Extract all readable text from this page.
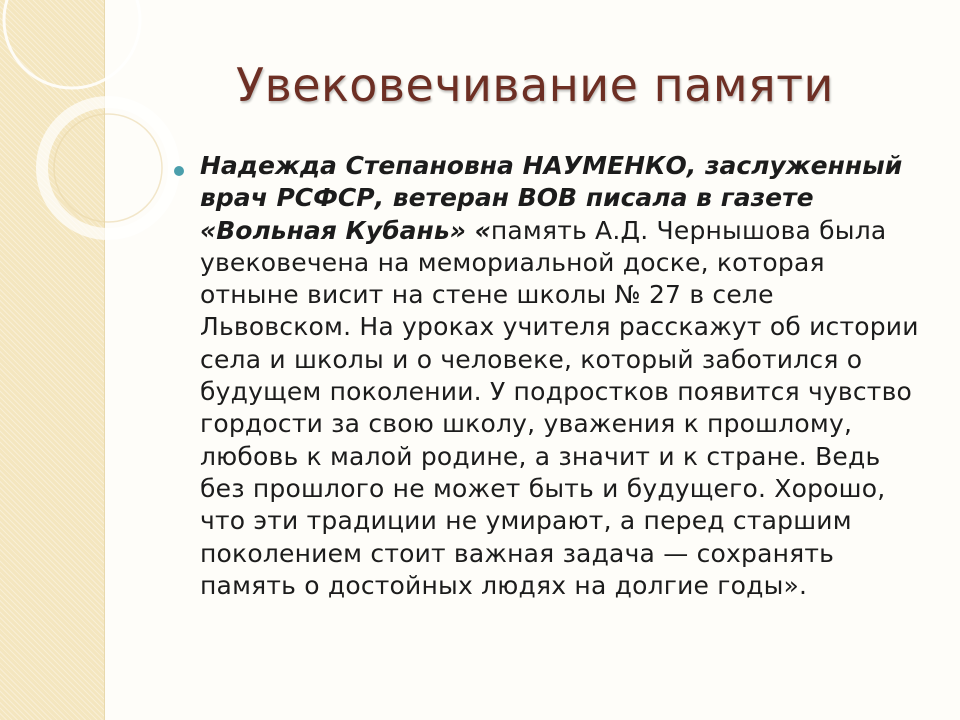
Увековечивание памяти

Надежда Степановна НАУМЕНКО, заслуженный врач РСФСР, ветеран ВОВ писала в газете «Вольная Кубань» «память А.Д. Чернышова была увековечена на мемориальной доске, которая отныне висит на стене школы № 27 в селе Львовском. На уроках учителя расскажут об истории села и школы и о человеке, который заботился о будущем поколении. У подростков появится чувство гордости за свою школу, уважения к прошлому, любовь к малой родине, а значит и к стране. Ведь без прошлого не может быть и будущего. Хорошо, что эти традиции не умирают, а перед старшим поколением стоит важная задача — сохранять память о достойных людях на долгие годы».
